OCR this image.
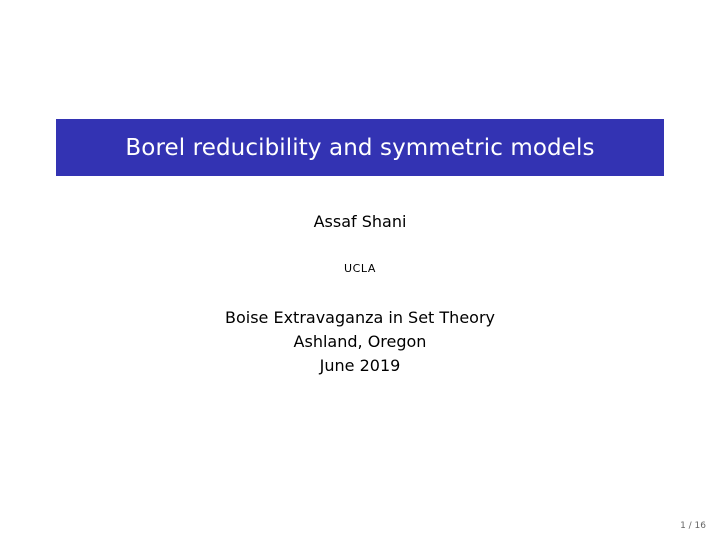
Borel reducibility and symmetric models
Assaf Shani
UCLA
Boise Extravaganza in Set Theory
Ashland, Oregon
June 2019
1 / 16
